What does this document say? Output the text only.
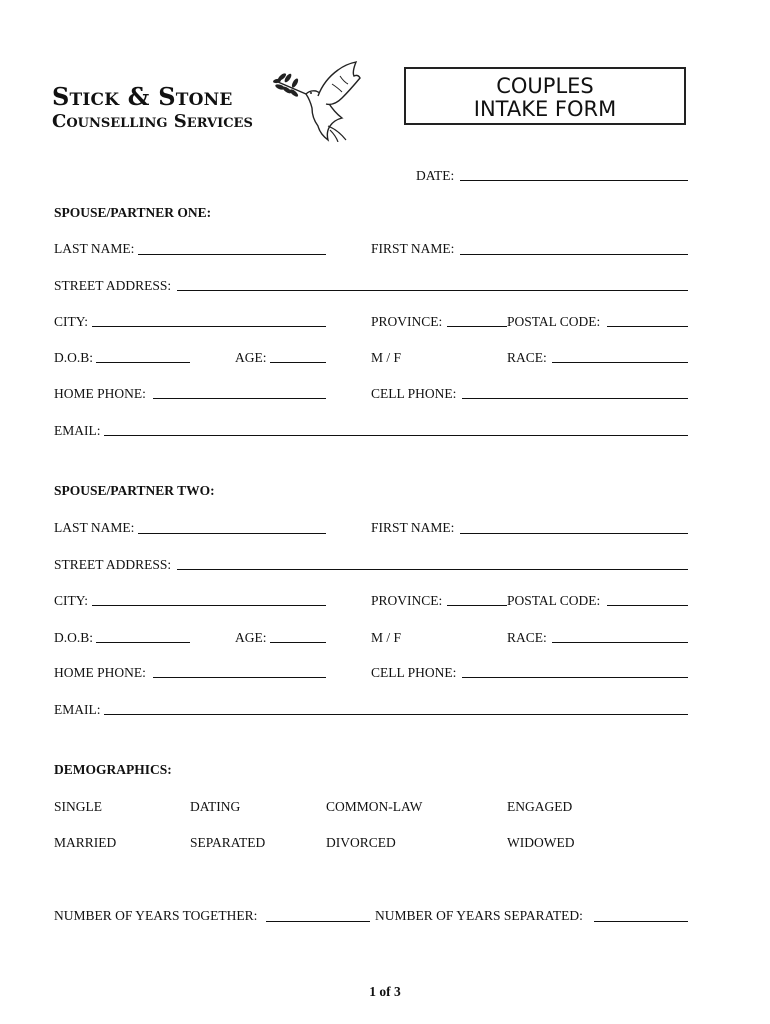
Stick & Stone
Counselling Services
COUPLES
INTAKE FORM
DATE:
SPOUSE/PARTNER ONE:
LAST NAME:	FIRST NAME:
STREET ADDRESS:
CITY:	PROVINCE:	POSTAL CODE:
D.O.B:	AGE:	M / F	RACE:
HOME PHONE:	CELL PHONE:
EMAIL:
SPOUSE/PARTNER TWO:
LAST NAME:	FIRST NAME:
STREET ADDRESS:
CITY:	PROVINCE:	POSTAL CODE:
D.O.B:	AGE:	M / F	RACE:
HOME PHONE:	CELL PHONE:
EMAIL:
DEMOGRAPHICS:
SINGLE	DATING	COMMON-LAW	ENGAGED
MARRIED	SEPARATED	DIVORCED	WIDOWED
NUMBER OF YEARS TOGETHER:	NUMBER OF YEARS SEPARATED:
1 of 3
